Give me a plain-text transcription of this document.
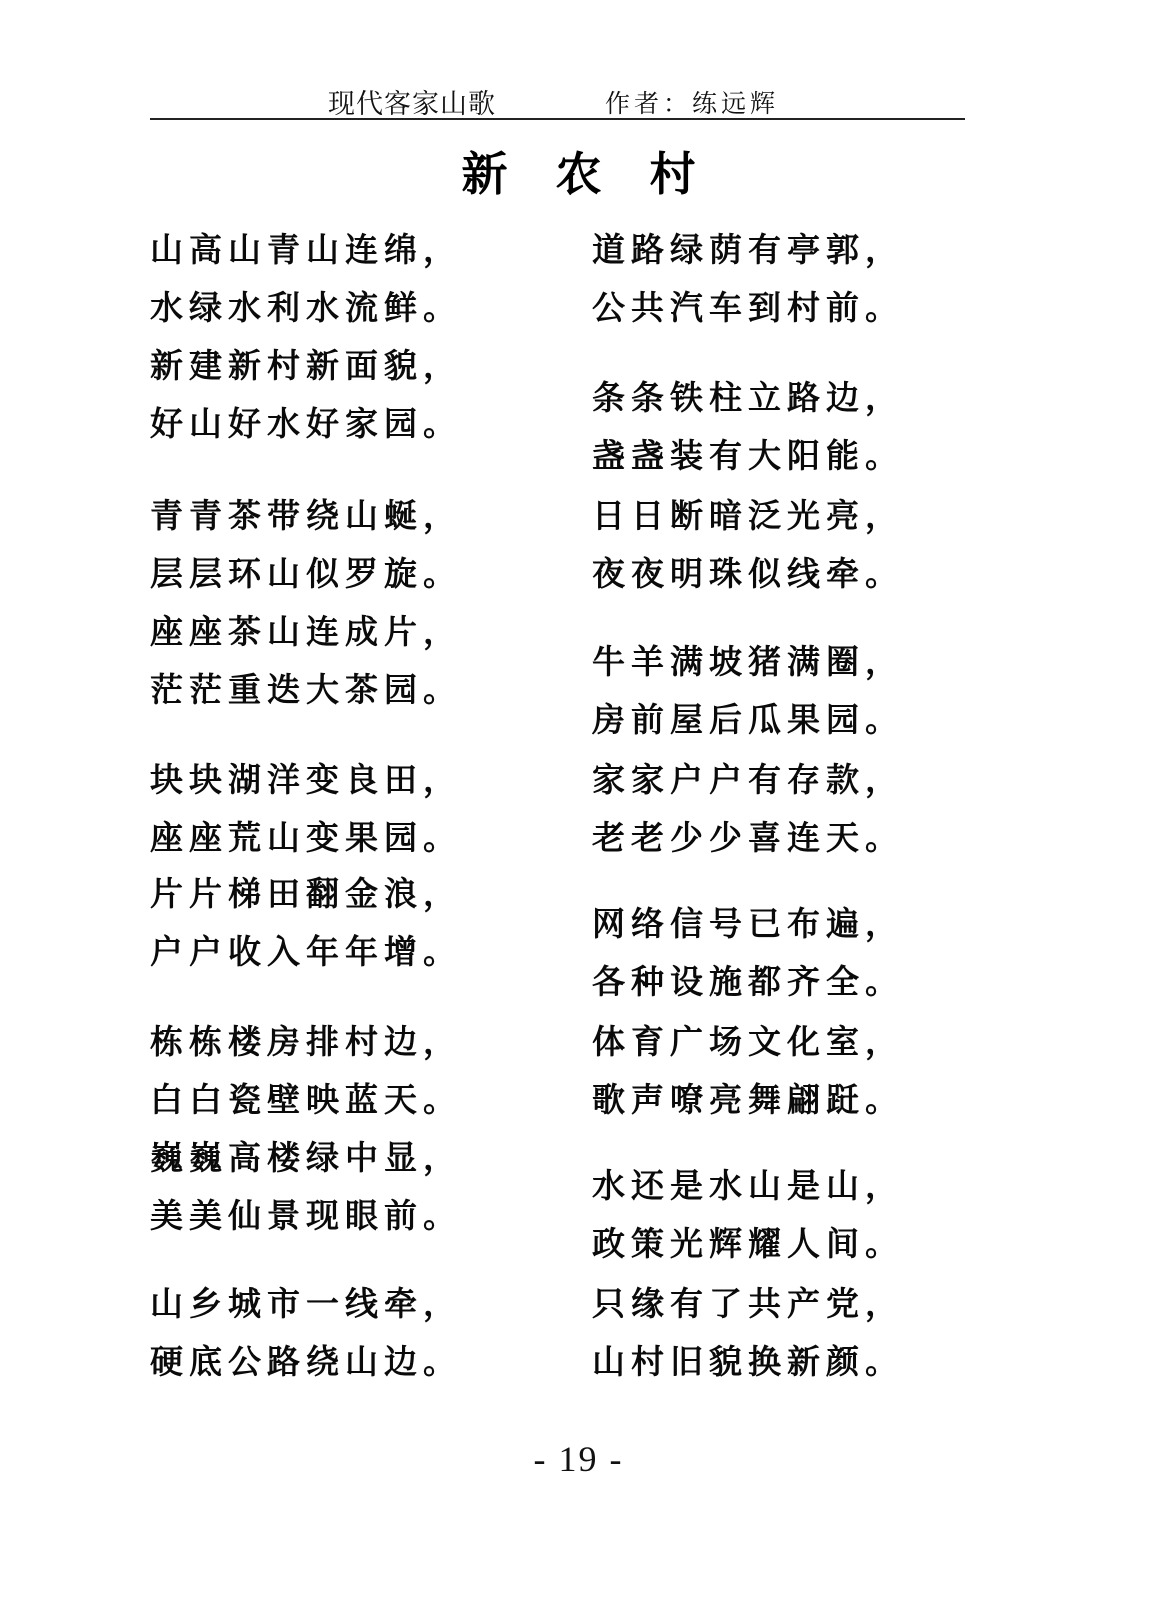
现代客家山歌	作者：练远辉
新农村
山高山青山连绵，
水绿水利水流鲜。
新建新村新面貌，
好山好水好家园。
青青茶带绕山蜒，
层层环山似罗旋。
座座茶山连成片，
茫茫重迭大茶园。
块块湖洋变良田，
座座荒山变果园。
片片梯田翻金浪，
户户收入年年增。
栋栋楼房排村边，
白白瓷壁映蓝天。
巍巍高楼绿中显，
美美仙景现眼前。
山乡城市一线牵，
硬底公路绕山边。
道路绿荫有亭郭，
公共汽车到村前。
条条铁柱立路边，
盏盏装有大阳能。
日日断暗泛光亮，
夜夜明珠似线牵。
牛羊满坡猪满圈，
房前屋后瓜果园。
家家户户有存款，
老老少少喜连天。
网络信号已布遍，
各种设施都齐全。
体育广场文化室，
歌声嘹亮舞翩跹。
水还是水山是山，
政策光辉耀人间。
只缘有了共产党，
山村旧貌换新颜。
- 19 -
